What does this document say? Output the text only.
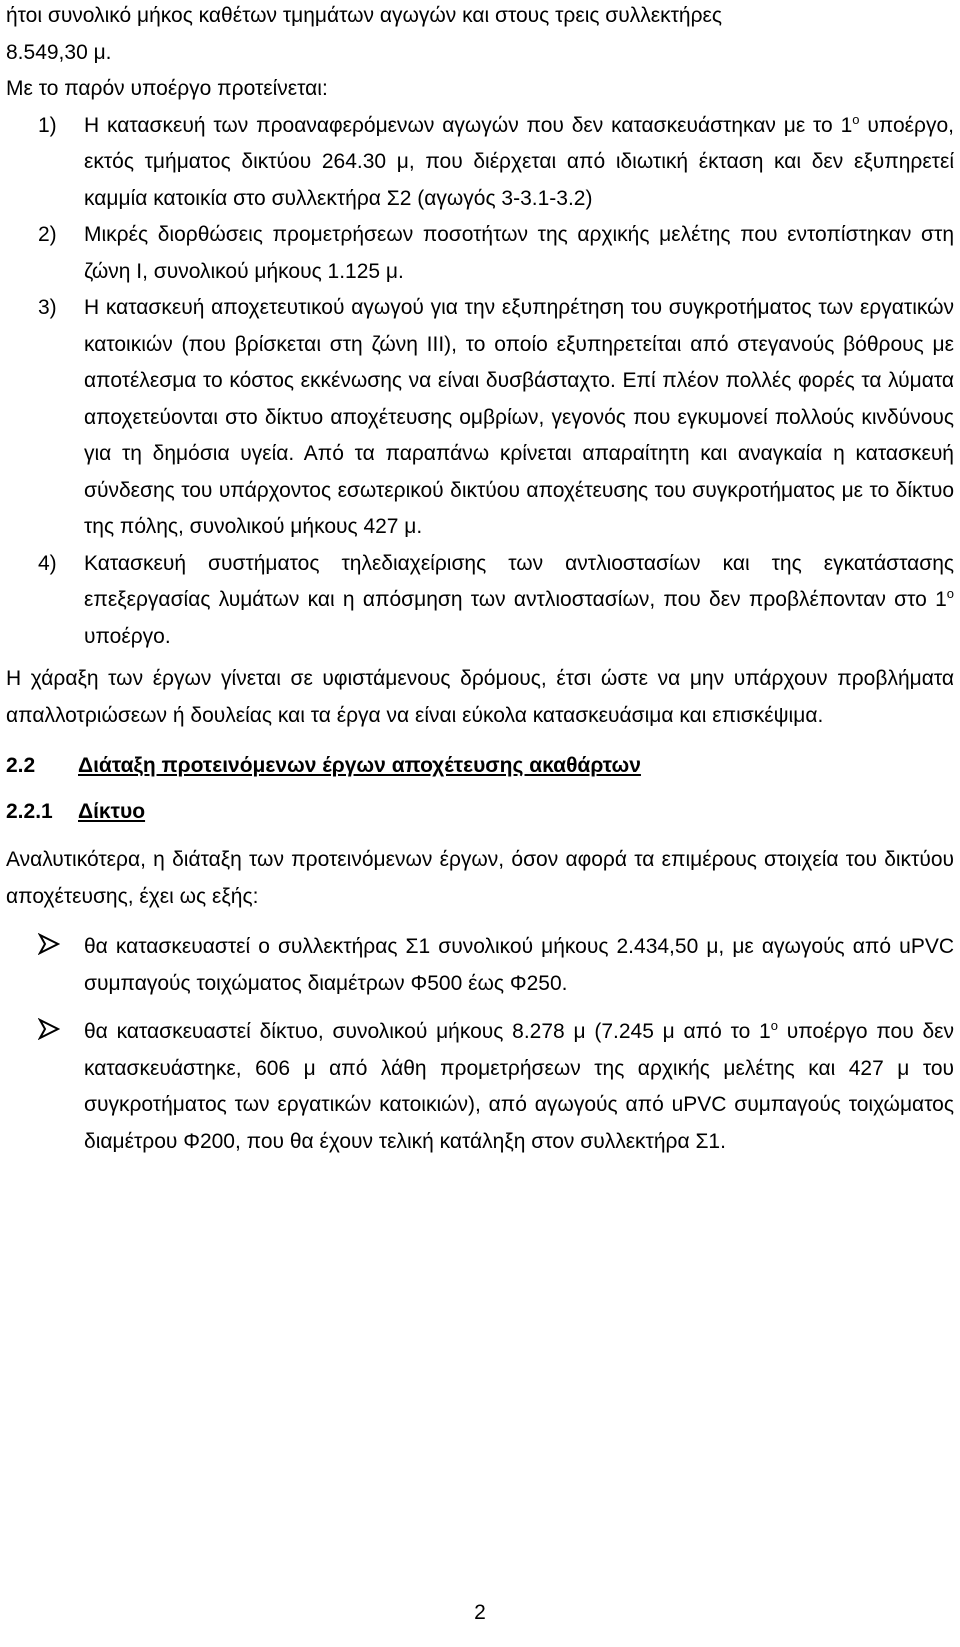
ήτοι συνολικό μήκος καθέτων τμημάτων αγωγών και στους τρεις συλλεκτήρες
8.549,30 μ.

Με το παρόν υποέργο προτείνεται:

1) Η κατασκευή των προαναφερόμενων αγωγών που δεν κατασκευάστηκαν με το $1^o$ υποέργο, εκτός τμήματος δικτύου 264.30 μ, που διέρχεται από ιδιωτική έκταση και δεν εξυπηρετεί καμμία κατοικία στο συλλεκτήρα Σ2 (αγωγός 3-3.1-3.2)
2) Μικρές διορθώσεις προμετρήσεων ποσοτήτων της αρχικής μελέτης που εντοπίστηκαν στη ζώνη Ι, συνολικού μήκους 1.125 μ.
3) Η κατασκευή αποχετευτικού αγωγού για την εξυπηρέτηση του συγκροτήματος των εργατικών κατοικιών (που βρίσκεται στη ζώνη ΙΙΙ), το οποίο εξυπηρετείται από στεγανούς βόθρους με αποτέλεσμα το κόστος εκκένωσης να είναι δυσβάσταχτο. Επί πλέον πολλές φορές τα λύματα αποχετεύονται στο δίκτυο αποχέτευσης ομβρίων, γεγονός που εγκυμονεί πολλούς κινδύνους για τη δημόσια υγεία. Από τα παραπάνω κρίνεται απαραίτητη και αναγκαία η κατασκευή σύνδεσης του υπάρχοντος εσωτερικού δικτύου αποχέτευσης του συγκροτήματος με το δίκτυο της πόλης, συνολικού μήκους 427 μ.
4) Κατασκευή συστήματος τηλεδιαχείρισης των αντλιοστασίων και της εγκατάστασης επεξεργασίας λυμάτων και η απόσμηση των αντλιοστασίων, που δεν προβλέπονταν στο $1^o$ υποέργο.

Η χάραξη των έργων γίνεται σε υφιστάμενους δρόμους, έτσι ώστε να μην υπάρχουν προβλήματα απαλλοτριώσεων ή δουλείας και τα έργα να είναι εύκολα κατασκευάσιμα και επισκέψιμα.

2.2 Διάταξη προτεινόμενων έργων αποχέτευσης ακαθάρτων

2.2.1 Δίκτυο

Αναλυτικότερα, η διάταξη των προτεινόμενων έργων, όσον αφορά τα επιμέρους στοιχεία του δικτύου αποχέτευσης, έχει ως εξής:

θα κατασκευαστεί ο συλλεκτήρας Σ1 συνολικού μήκους 2.434,50 μ, με αγωγούς από uPVC συμπαγούς τοιχώματος διαμέτρων Φ500 έως Φ250.
θα κατασκευαστεί δίκτυο, συνολικού μήκους 8.278 μ (7.245 μ από το $1^o$ υποέργο που δεν κατασκευάστηκε, 606 μ από λάθη προμετρήσεων της αρχικής μελέτης και 427 μ του συγκροτήματος των εργατικών κατοικιών), από αγωγούς από uPVC συμπαγούς τοιχώματος διαμέτρου Φ200, που θα έχουν τελική κατάληξη στον συλλεκτήρα Σ1.
2
